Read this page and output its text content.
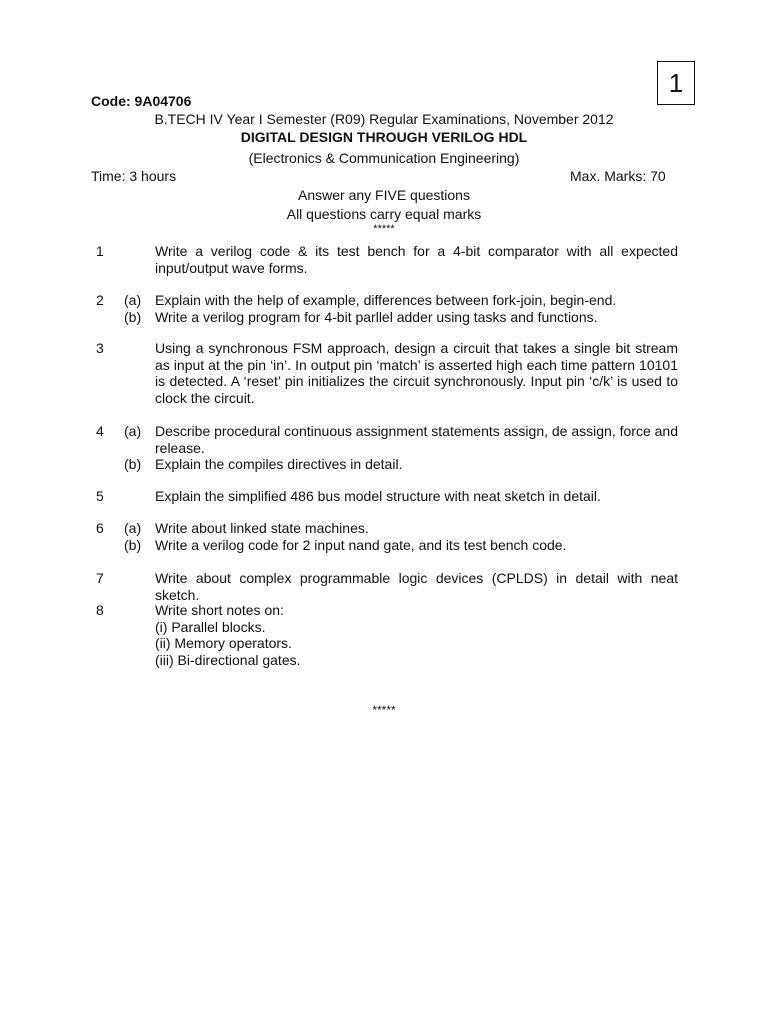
1
Code: 9A04706
B.TECH IV Year I Semester (R09) Regular Examinations, November 2012
DIGITAL DESIGN THROUGH VERILOG HDL
(Electronics & Communication Engineering)
Time: 3 hours	Max. Marks: 70
Answer any FIVE questions
All questions carry equal marks
*****
1	Write a verilog code & its test bench for a 4-bit comparator with all expected input/output wave forms.
2 (a) Explain with the help of example, differences between fork-join, begin-end.
(b) Write a verilog program for 4-bit parllel adder using tasks and functions.
3	Using a synchronous FSM approach, design a circuit that takes a single bit stream as input at the pin ‘in’. In output pin ‘match’ is asserted high each time pattern 10101 is detected. A ‘reset’ pin initializes the circuit synchronously. Input pin ‘c/k’ is used to clock the circuit.
4 (a) Describe procedural continuous assignment statements assign, de assign, force and release.
(b) Explain the compiles directives in detail.
5	Explain the simplified 486 bus model structure with neat sketch in detail.
6 (a) Write about linked state machines.
(b) Write a verilog code for 2 input nand gate, and its test bench code.
7	Write about complex programmable logic devices (CPLDS) in detail with neat sketch.
8	Write short notes on:
(i) Parallel blocks.
(ii) Memory operators.
(iii) Bi-directional gates.
*****
